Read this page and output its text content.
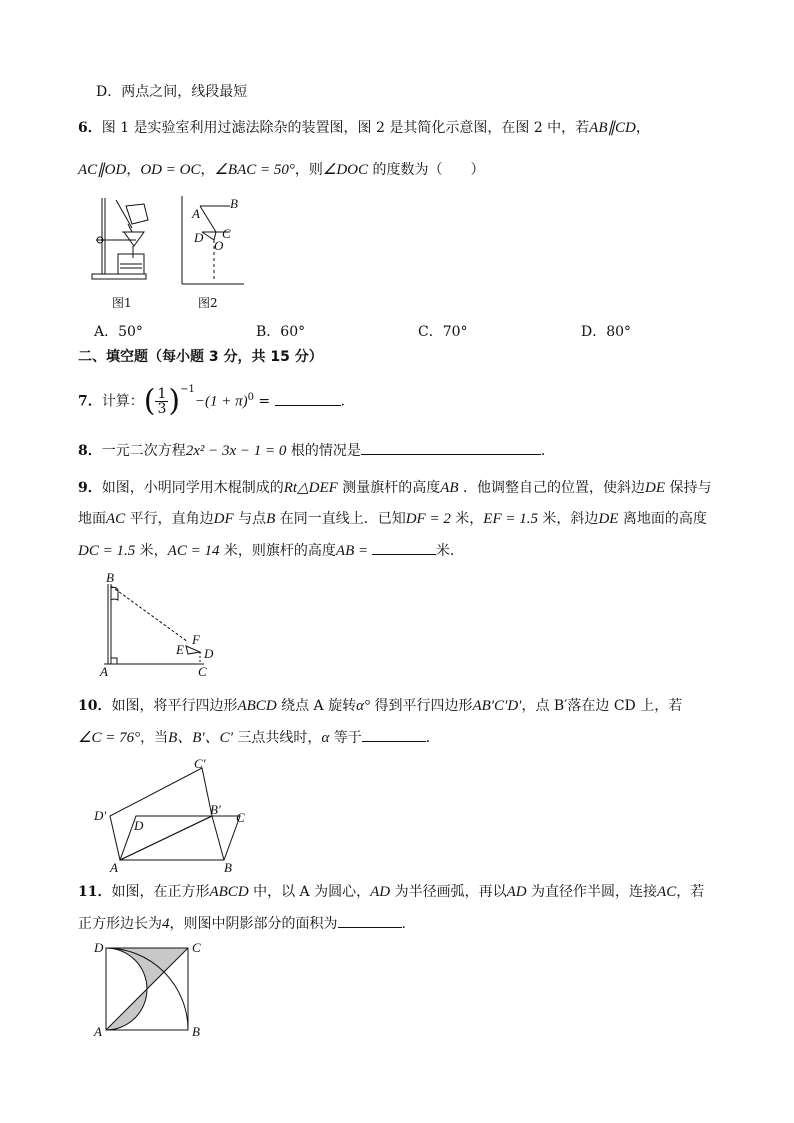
D．两点之间，线段最短
6．图 1 是实验室利用过滤法除杂的装置图，图 2 是其简化示意图，在图 2 中，若AB∥CD，
AC∥OD，OD = OC，∠BAC = 50°，则∠DOC 的度数为（　　）
图1
A
B
D C
O
图2
A．50°	B．60°	C．70°	D．80°
二、填空题（每小题 3 分，共 15 分）
7．计算：( $\frac{1}{3} )^{-1}-(1 + \pi)^0$ =	．
8．一元二次方程2x² − 3x − 1 = 0 根的情况是	．
9．如图，小明同学用木棍制成的Rt△DEF 测量旗杆的高度AB ．他调整自己的位置，使斜边DE 保持与
地面AC 平行，直角边DF 与点B 在同一直线上．已知DF = 2 米，EF = 1.5 米，斜边DE 离地面的高度
DC = 1.5 米，AC = 14 米，则旗杆的高度AB =	米．
B
F
E D
A	C
10．如图，将平行四边形ABCD 绕点 A 旋转α° 得到平行四边形AB′C′D′，点 B′落在边 CD 上，若
∠C = 76°，当B、B′、C′ 三点共线时，α 等于	．
A	B
C
D
B′
C′
D′
11．如图，在正方形ABCD 中，以 A 为圆心，AD 为半径画弧，再以AD 为直径作半圆，连接AC，若
正方形边长为4，则图中阴影部分的面积为	.
D	C
A	B
